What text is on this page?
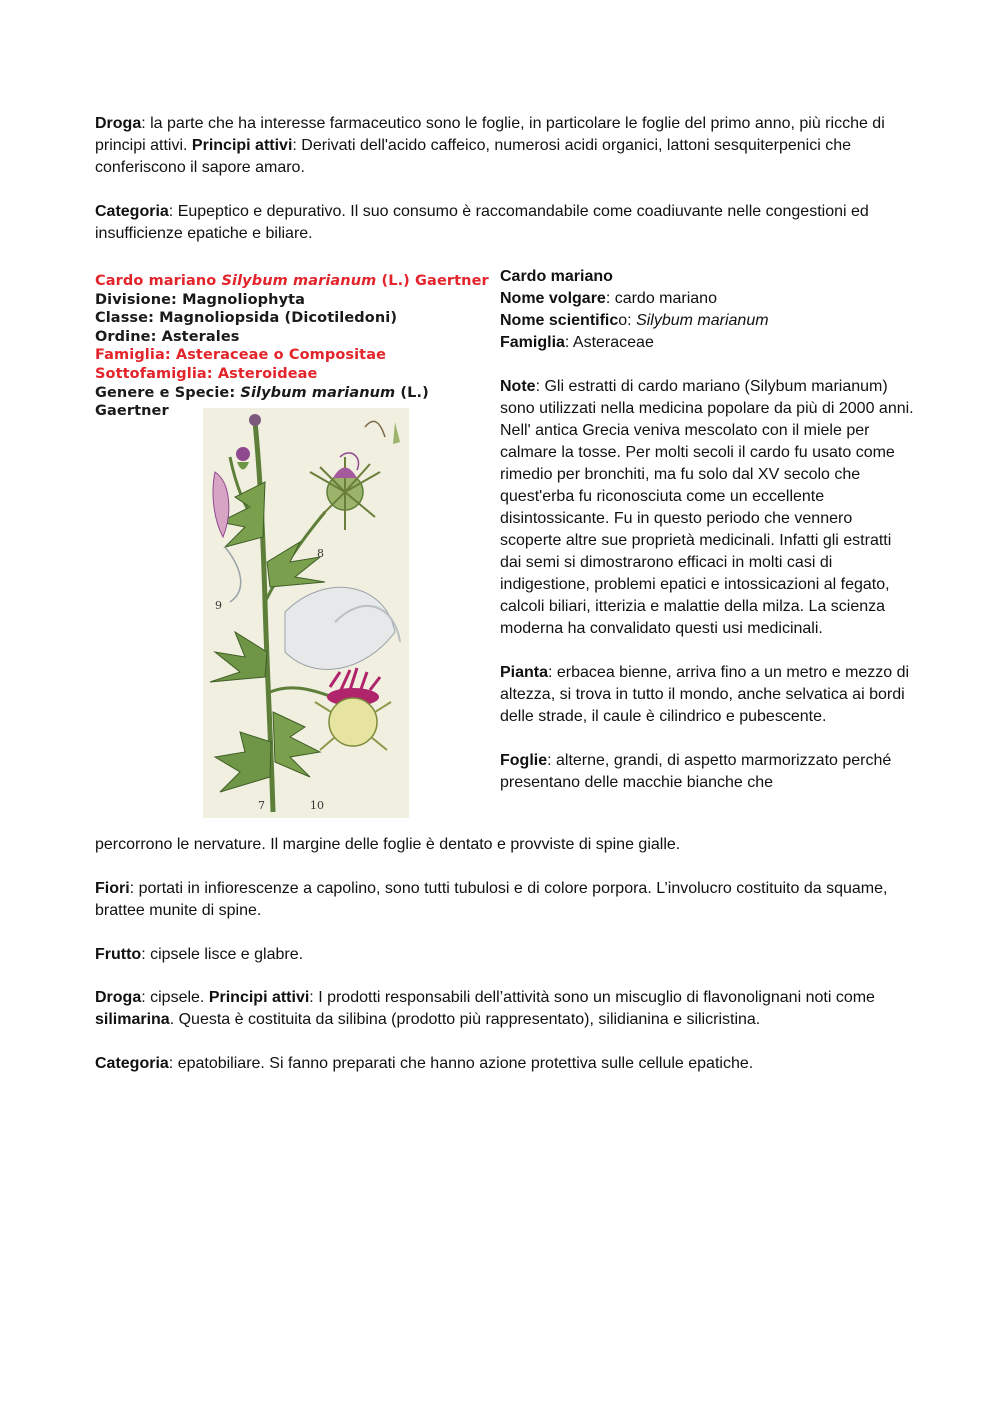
Droga: la parte che ha interesse farmaceutico sono le foglie, in particolare le foglie del primo anno, più ricche di principi attivi. Principi attivi: Derivati dell'acido caffeico, numerosi acidi organici, lattoni sesquiterpenici che conferiscono il sapore amaro.

Categoria: Eupeptico e depurativo. Il suo consumo è raccomandabile come coadiuvante nelle congestioni ed insufficienze epatiche e biliare.

8
9
7	10
Cardo mariano Silybum marianum (L.) Gaertner
Divisione: Magnoliophyta
Classe: Magnoliopsida (Dicotiledoni)
Ordine: Asterales
Famiglia: Asteraceae o Compositae
Sottofamiglia: Asteroideae
Genere e Specie: Silybum marianum (L.) Gaertner

Cardo mariano

Nome volgare: cardo mariano

Nome scientifico: Silybum marianum

Famiglia: Asteraceae

Note: Gli estratti di cardo mariano (Silybum marianum) sono utilizzati nella medicina popolare da più di 2000 anni. Nell' antica Grecia veniva mescolato con il miele per calmare la tosse. Per molti secoli il cardo fu usato come rimedio per bronchiti, ma fu solo dal XV secolo che quest'erba fu riconosciuta come un eccellente disintossicante. Fu in questo periodo che vennero scoperte altre sue proprietà medicinali. Infatti gli estratti dai semi si dimostrarono efficaci in molti casi di indigestione, problemi epatici e intossicazioni al fegato, calcoli biliari, itterizia e malattie della milza. La scienza moderna ha convalidato questi usi medicinali.

Pianta: erbacea bienne, arriva fino a un metro e mezzo di altezza, si trova in tutto il mondo, anche selvatica ai bordi delle strade, il caule è cilindrico e pubescente.

Foglie: alterne, grandi, di aspetto marmorizzato perché presentano delle macchie bianche che

percorrono le nervature. Il margine delle foglie è dentato e provviste di spine gialle.

Fiori: portati in infiorescenze a capolino, sono tutti tubulosi e di colore porpora. L’involucro costituito da squame, brattee munite di spine.

Frutto: cipsele lisce e glabre.

Droga: cipsele. Principi attivi: I prodotti responsabili dell’attività sono un miscuglio di flavonolignani noti come silimarina. Questa è costituita da silibina (prodotto più rappresentato), silidianina e silicristina.

Categoria: epatobiliare. Si fanno preparati che hanno azione protettiva sulle cellule epatiche.
